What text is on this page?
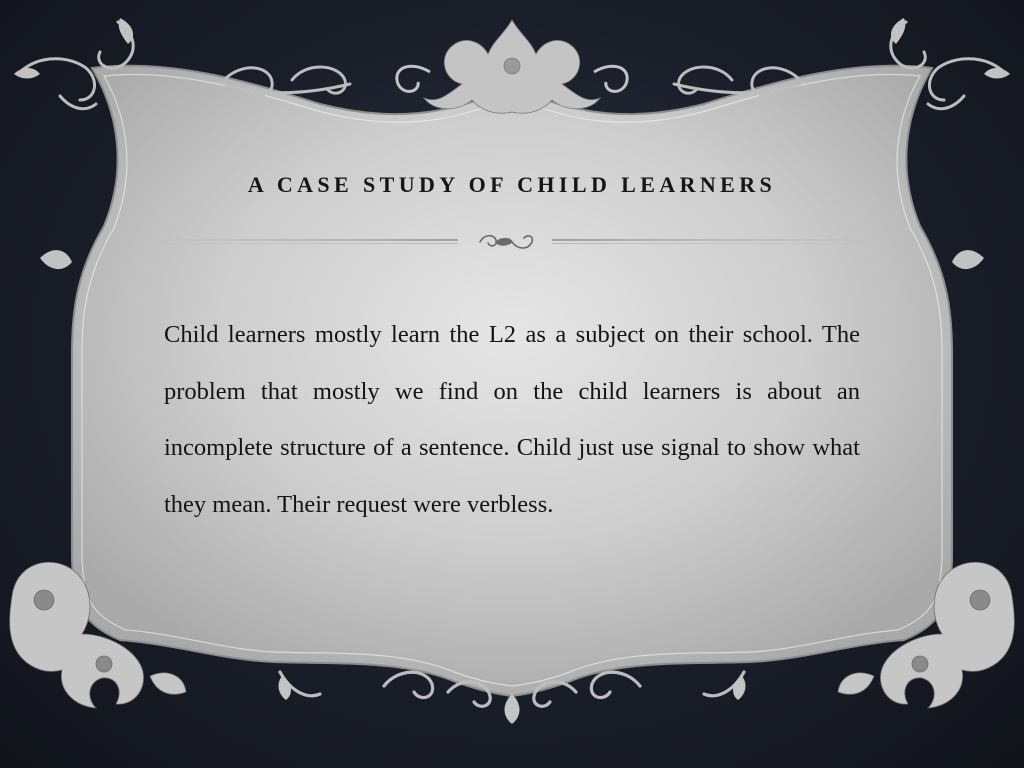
A CASE STUDY OF CHILD LEARNERS

Child learners mostly learn the L2 as a subject on their school. The problem that mostly we find on the child learners is about an incomplete structure of a sentence. Child just use signal to show what they mean. Their request were verbless.
